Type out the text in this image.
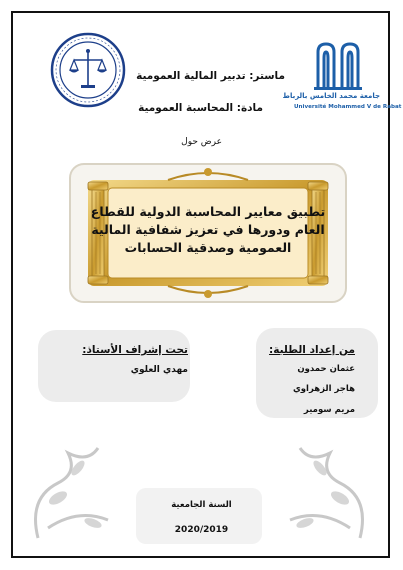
جامعة محمد الخامس بالرباط
Université Mohammed V de Rabat
ماستر: تدبير المالية العمومية
مادة: المحاسبة العمومية
عرض حول
تطبيق معايير المحاسبة الدولية للقطاع
العام ودورها في تعزيز شفافية المالية
العمومية وصدقية الحسابات
تحت إشراف الأستاذ:
مهدي العلوي
من إعداد الطلبة:
عثمان حمدون
هاجر الزهراوي
مريم سومير
السنة الجامعية
2020/2019
